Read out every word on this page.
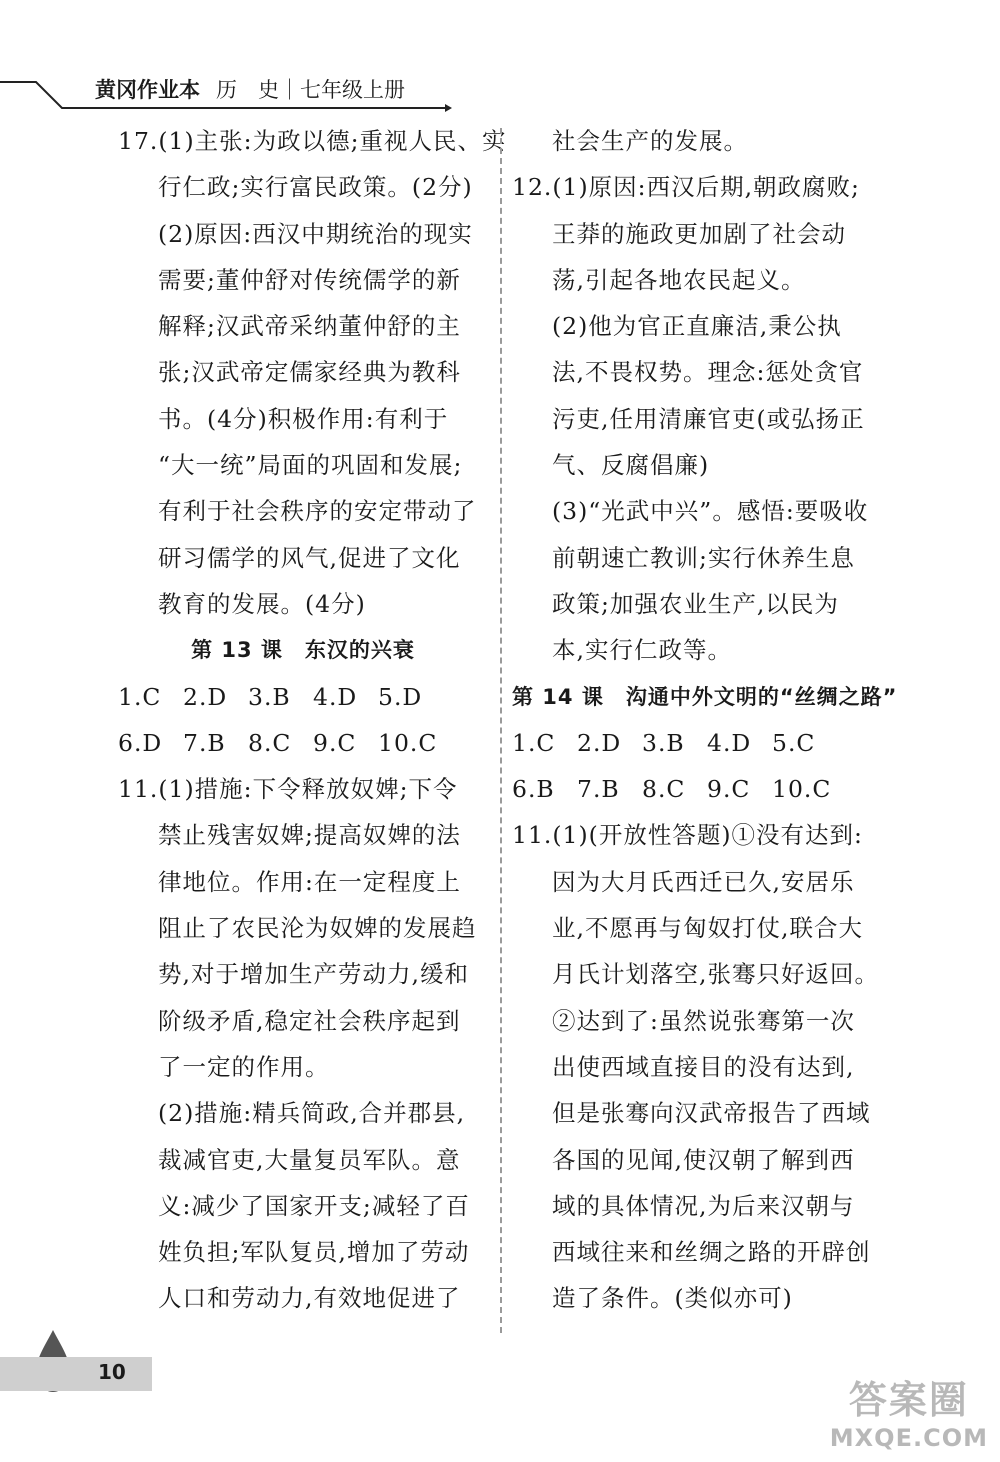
黄冈作业本 历　史｜七年级上册
17.(1)主张:为政以德;重视人民、实
行仁政;实行富民政策。(2分)
(2)原因:西汉中期统治的现实
需要;董仲舒对传统儒学的新
解释;汉武帝采纳董仲舒的主
张;汉武帝定儒家经典为教科
书。(4分)积极作用:有利于
“大一统”局面的巩固和发展;
有利于社会秩序的安定带动了
研习儒学的风气,促进了文化
教育的发展。(4分)
第 13 课 东汉的兴衰
1.C 2.D 3.B 4.D 5.D
6.D 7.B 8.C 9.C 10.C
11.(1)措施:下令释放奴婢;下令
禁止残害奴婢;提高奴婢的法
律地位。作用:在一定程度上
阻止了农民沦为奴婢的发展趋
势,对于增加生产劳动力,缓和
阶级矛盾,稳定社会秩序起到
了一定的作用。
(2)措施:精兵简政,合并郡县,
裁减官吏,大量复员军队。意
义:减少了国家开支;减轻了百
姓负担;军队复员,增加了劳动
人口和劳动力,有效地促进了
社会生产的发展。
12.(1)原因:西汉后期,朝政腐败;
王莽的施政更加剧了社会动
荡,引起各地农民起义。
(2)他为官正直廉洁,秉公执
法,不畏权势。理念:惩处贪官
污吏,任用清廉官吏(或弘扬正
气、反腐倡廉)
(3)“光武中兴”。感悟:要吸收
前朝速亡教训;实行休养生息
政策;加强农业生产,以民为
本,实行仁政等。
第 14 课 沟通中外文明的“丝绸之路”
1.C 2.D 3.B 4.D 5.C
6.B 7.B 8.C 9.C 10.C
11.(1)(开放性答题)①没有达到:
因为大月氏西迁已久,安居乐
业,不愿再与匈奴打仗,联合大
月氏计划落空,张骞只好返回。
②达到了:虽然说张骞第一次
出使西域直接目的没有达到,
但是张骞向汉武帝报告了西域
各国的见闻,使汉朝了解到西
域的具体情况,为后来汉朝与
西域往来和丝绸之路的开辟创
造了条件。(类似亦可)
10
答案圈
MXQE.COM
